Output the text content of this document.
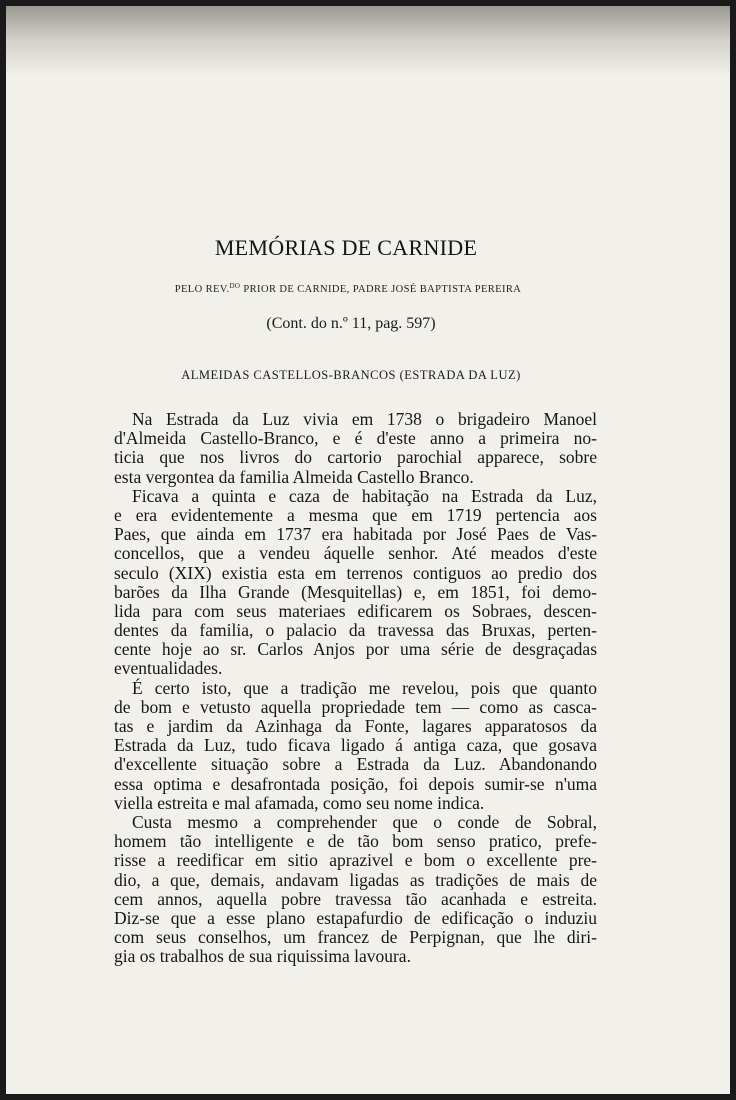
MEMÓRIAS DE CARNIDE
PELO REV.$^{DO}$ PRIOR DE CARNIDE, PADRE JOSÉ BAPTISTA PEREIRA
(Cont. do n.º 11, pag. 597)
ALMEIDAS CASTELLOS-BRANCOS (ESTRADA DA LUZ)
Na Estrada da Luz vivia em 1738 o brigadeiro Manoel
d'Almeida Castello-Branco, e é d'este anno a primeira no-
ticia que nos livros do cartorio parochial apparece, sobre
esta vergontea da familia Almeida Castello Branco.
Ficava a quinta e caza de habitação na Estrada da Luz,
e era evidentemente a mesma que em 1719 pertencia aos
Paes, que ainda em 1737 era habitada por José Paes de Vas-
concellos, que a vendeu áquelle senhor. Até meados d'este
seculo (XIX) existia esta em terrenos contiguos ao predio dos
barões da Ilha Grande (Mesquitellas) e, em 1851, foi demo-
lida para com seus materiaes edificarem os Sobraes, descen-
dentes da familia, o palacio da travessa das Bruxas, perten-
cente hoje ao sr. Carlos Anjos por uma série de desgraçadas
eventualidades.
É certo isto, que a tradição me revelou, pois que quanto
de bom e vetusto aquella propriedade tem — como as casca-
tas e jardim da Azinhaga da Fonte, lagares apparatosos da
Estrada da Luz, tudo ficava ligado á antiga caza, que gosava
d'excellente situação sobre a Estrada da Luz. Abandonando
essa optima e desafrontada posição, foi depois sumir-se n'uma
viella estreita e mal afamada, como seu nome indica.
Custa mesmo a comprehender que o conde de Sobral,
homem tão intelligente e de tão bom senso pratico, prefe-
risse a reedificar em sitio aprazivel e bom o excellente pre-
dio, a que, demais, andavam ligadas as tradições de mais de
cem annos, aquella pobre travessa tão acanhada e estreita.
Diz-se que a esse plano estapafurdio de edificação o induziu
com seus conselhos, um francez de Perpignan, que lhe diri-
gia os trabalhos de sua riquissima lavoura.
